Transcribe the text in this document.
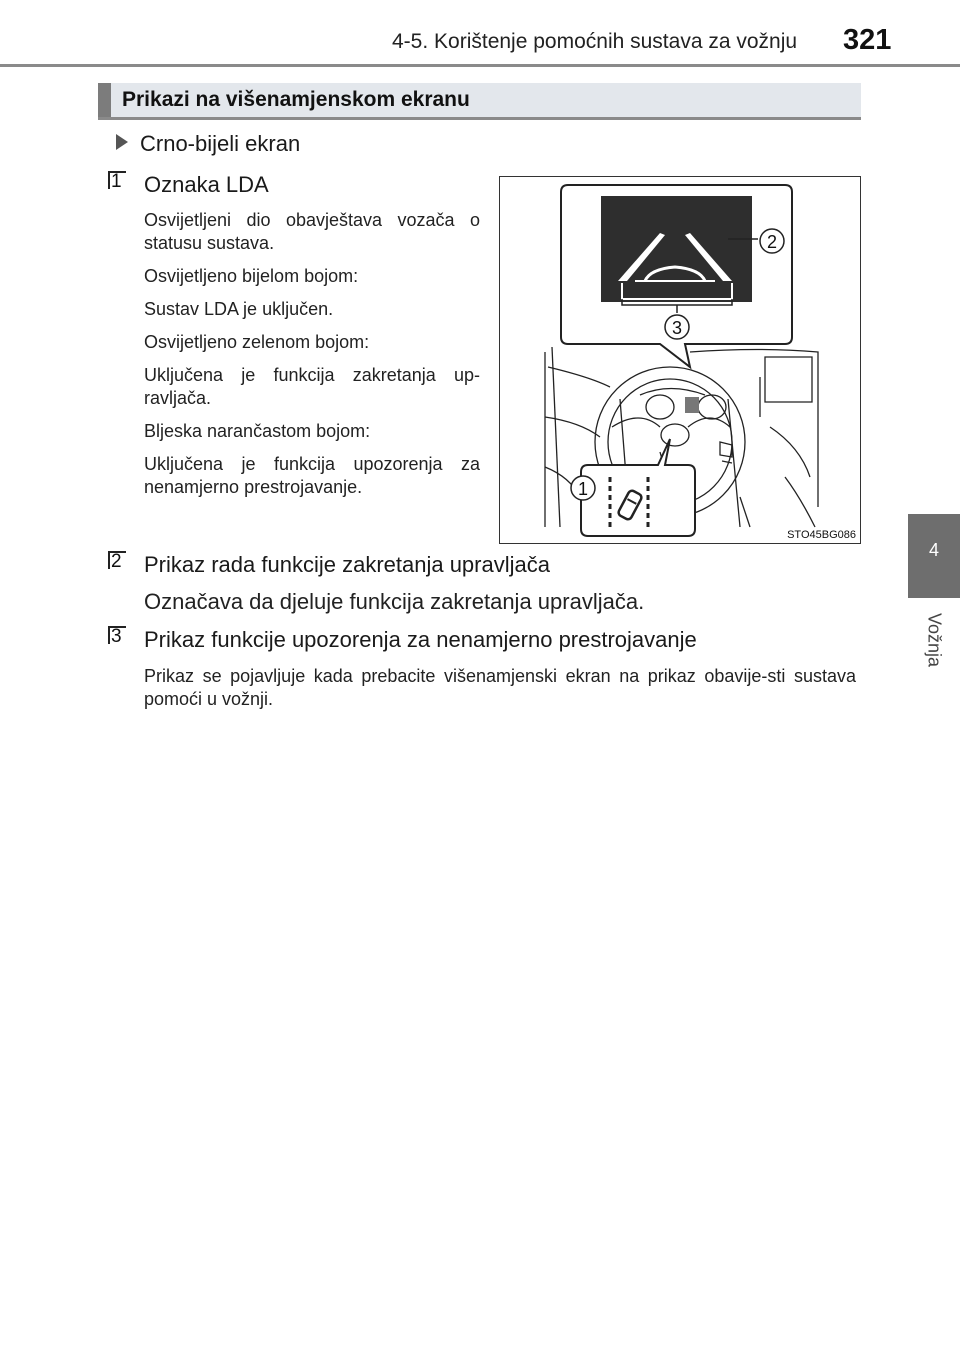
4-5. Korištenje pomoćnih sustava za vožnju 321
4
Vožnja
Prikazi na višenamjenskom ekranu
Crno-bijeli ekran
1 Oznaka LDA
Osvijetljeni dio obavještava vozača o statusu sustava.
Osvijetljeno bijelom bojom:
Sustav LDA je uključen.
Osvijetljeno zelenom bojom:
Uključena je funkcija zakretanja up-ravljača.
Bljeska narančastom bojom:
Uključena je funkcija upozorenja za nenamjerno prestrojavanje.
2 Prikaz rada funkcije zakretanja upravljača
Označava da djeluje funkcija zakretanja upravljača.
3 Prikaz funkcije upozorenja za nenamjerno prestrojavanje
Prikaz se pojavljuje kada prebacite višenamjenski ekran na prikaz obavije-sti sustava pomoći u vožnji.
2
3
1
STO45BG086
